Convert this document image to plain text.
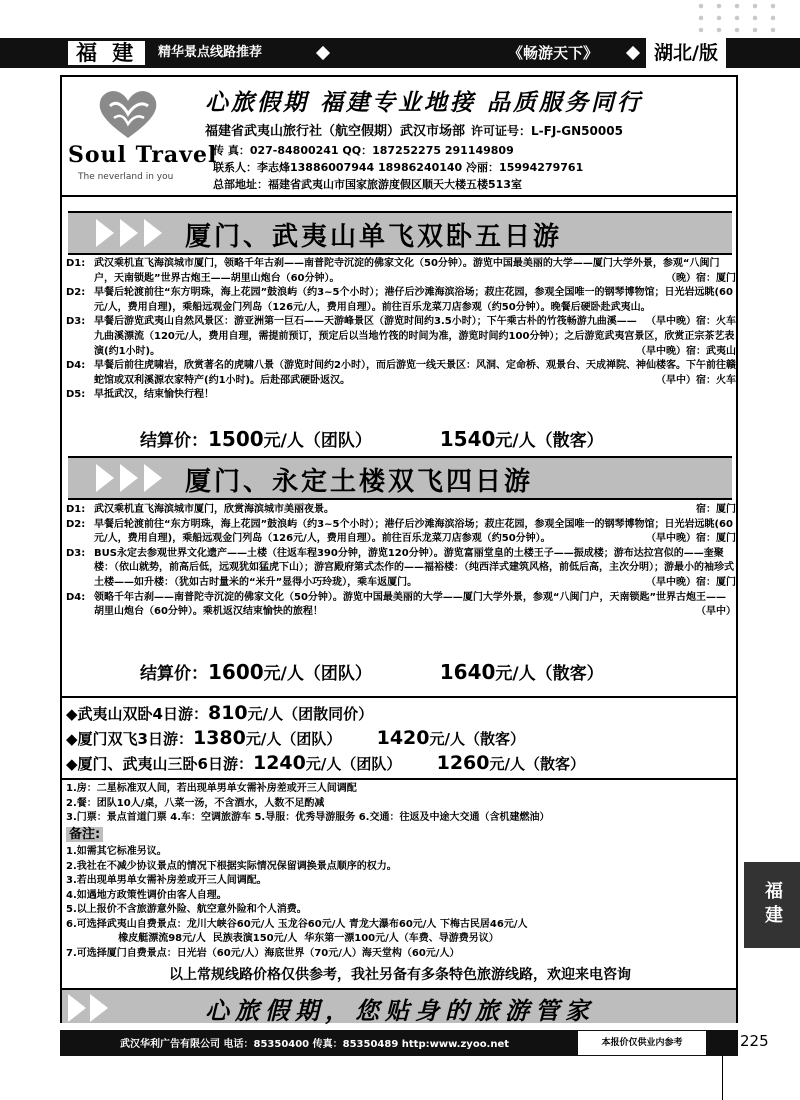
福 建	精华景点线路推荐	《畅游天下》	湖北/版
Soul Travel
The neverland in you
心旅假期 福建专业地接 品质服务同行
福建省武夷山旅行社（航空假期）武汉市场部 许可证号：L-FJ-GN50005
传 真：027-84800241 QQ：187252275 291149809
联系人：李志烽13886007944 18986240140 冷丽：15994279761
总部地址：福建省武夷山市国家旅游度假区顺天大楼五楼513室
厦门、武夷山单飞双卧五日游
D1: 武汉乘机直飞海滨城市厦门，领略千年古刹——南普陀寺沉淀的佛家文化（50分钟）。游览中国最美丽的大学——厦门大学外景，参观“八闽门户，天南锁匙”世界古炮王——胡里山炮台（60分钟）。	（晚）宿：厦门
D2: 早餐后轮渡前往“东方明珠，海上花园”鼓浪屿（约3~5个小时）；港仔后沙滩海滨浴场；菽庄花园，参观全国唯一的钢琴博物馆；日光岩远眺(60元/人，费用自理)，乘船远观金门列岛（126元/人，费用自理）。前往百乐龙菜刀店参观（约50分钟）。晚餐后硬卧赴武夷山。
（早中晚）宿：火车
D3: 早餐后游览武夷山自然风景区：游亚洲第一巨石——天游峰景区（游览时间约3.5小时）；下午乘古朴的竹筏畅游九曲溪——九曲溪漂流（120元/人，费用自理，需提前预订，预定后以当地竹筏的时间为准，游览时间约100分钟）；之后游览武夷宫景区，欣赏正宗茶艺表演(约1小时)。	（早中晚）宿：武夷山
D4: 早餐后前往虎啸岩，欣赏著名的虎啸八景（游览时间约2小时），而后游览一线天景区：风洞、定命桥、观景台、天成禅院、神仙楼客。下午前往赣蛇馆或双利溪源农家特产(约1小时)。后赴邵武硬卧返汉。	（早中）宿：火车
D5: 早抵武汉，结束愉快行程！
结算价：1500元/人（团队）	1540元/人（散客）
厦门、永定土楼双飞四日游
D1: 武汉乘机直飞海滨城市厦门，欣赏海滨城市美丽夜景。	宿：厦门
D2: 早餐后轮渡前往“东方明珠，海上花园”鼓浪屿（约3~5个小时）；港仔后沙滩海滨浴场；菽庄花园，参观全国唯一的钢琴博物馆；日光岩远眺(60元/人，费用自理)，乘船远观金门列岛（126元/人，费用自理）。前往百乐龙菜刀店参观（约50分钟）。	（早中晚）宿：厦门
D3: BUS永定去参观世界文化遗产——土楼（往返车程390分钟，游览120分钟）。游览富丽堂皇的土楼王子——振成楼；游布达拉宫似的——奎聚楼：（依山就势，前高后低，远观犹如猛虎下山）；游宫殿府第式杰作的——福裕楼：（纯西洋式建筑风格，前低后高，主次分明）；游最小的袖珍式土楼——如升楼：（犹如古时量米的“米升”显得小巧玲珑），乘车返厦门。	（早中晚）宿：厦门
D4: 领略千年古刹——南普陀寺沉淀的佛家文化（50分钟）。游览中国最美丽的大学——厦门大学外景，参观“八闽门户，天南锁匙”世界古炮王——胡里山炮台（60分钟）。乘机返汉结束愉快的旅程！	（早中）
结算价：1600元/人（团队）	1640元/人（散客）
◆武夷山双卧4日游：810元/人（团散同价）
◆厦门双飞3日游：1380元/人（团队） 1420元/人（散客）
◆厦门、武夷山三卧6日游：1240元/人（团队） 1260元/人（散客）
1.房：二星标准双人间，若出现单男单女需补房差或开三人间调配
2.餐：团队10人/桌，八菜一汤，不含酒水，人数不足酌减
3.门票：景点首道门票 4.车：空调旅游车 5.导服：优秀导游服务 6.交通：往返及中途大交通（含机建燃油）
备注:
1.如需其它标准另议。
2.我社在不减少协议景点的情况下根据实际情况保留调换景点顺序的权力。
3.若出现单男单女需补房差或开三人间调配。
4.如遇地方政策性调价由客人自理。
5.以上报价不含旅游意外险、航空意外险和个人消费。
6.可选择武夷山自费景点：龙川大峡谷60元/人 玉龙谷60元/人 青龙大瀑布60元/人 下梅古民居46元/人
橡皮艇漂流98元/人  民族表演150元/人  华东第一漂100元/人（车费、导游费另议）
7.可选择厦门自费景点：日光岩（60元/人）海底世界（70元/人）海天堂构（60元/人）
以上常规线路价格仅供参考，我社另备有多条特色旅游线路，欢迎来电咨询
心旅假期，您贴身的旅游管家
武汉华利广告有限公司 电话：85350400 传真：85350489 http:www.zyoo.net	本报价仅供业内参考	225
福建
